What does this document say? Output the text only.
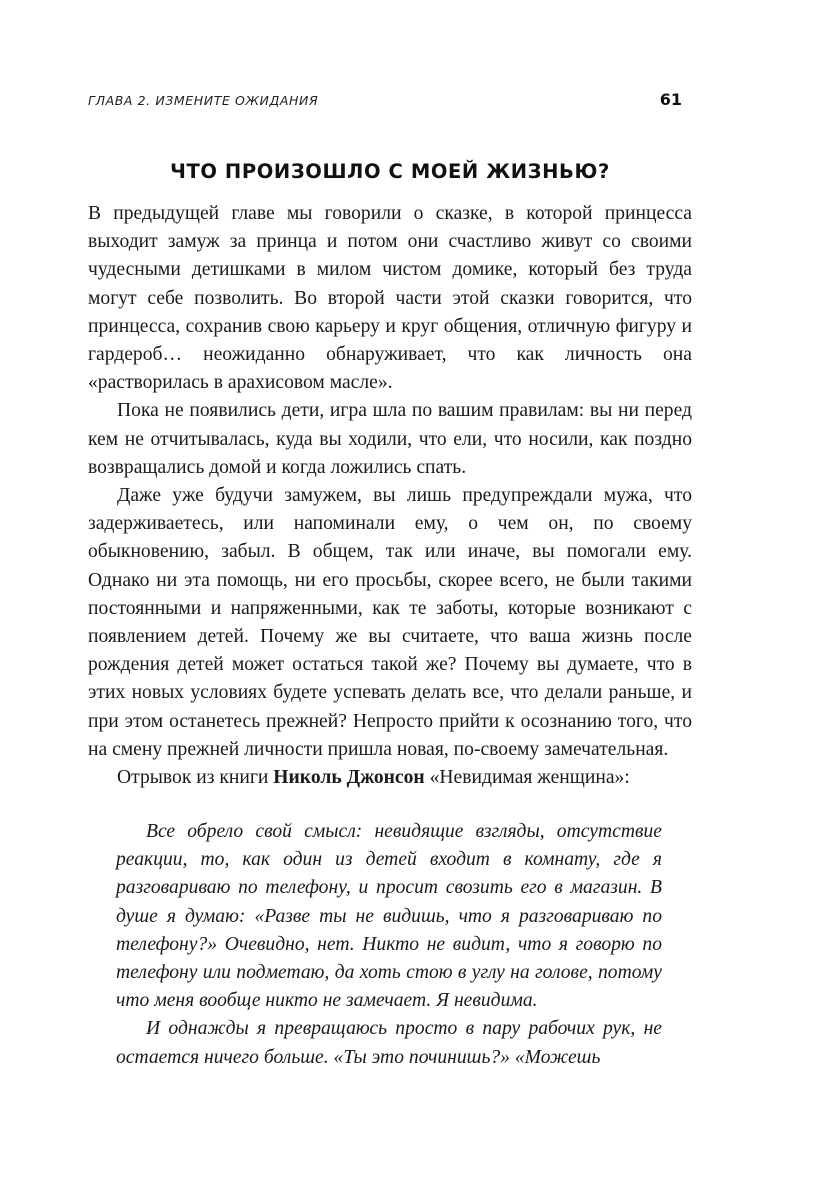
ГЛАВА 2. ИЗМЕНИТЕ ОЖИДАНИЯ	61
ЧТО ПРОИЗОШЛО С МОЕЙ ЖИЗНЬЮ?

В предыдущей главе мы говорили о сказке, в которой принцесса выходит замуж за принца и потом они счастливо живут со своими чудесными детишками в милом чистом домике, который без труда могут себе позволить. Во второй части этой сказки говорится, что принцесса, сохранив свою карьеру и круг общения, отличную фигуру и гардероб… неожиданно обнаруживает, что как личность она «растворилась в арахисовом масле».

Пока не появились дети, игра шла по вашим правилам: вы ни перед кем не отчитывалась, куда вы ходили, что ели, что носили, как поздно возвращались домой и когда ложились спать.

Даже уже будучи замужем, вы лишь предупреждали мужа, что задерживаетесь, или напоминали ему, о чем он, по своему обыкновению, забыл. В общем, так или иначе, вы помогали ему. Однако ни эта помощь, ни его просьбы, скорее всего, не были такими постоянными и напряженными, как те заботы, которые возникают с появлением детей. Почему же вы считаете, что ваша жизнь после рождения детей может остаться такой же? Почему вы думаете, что в этих новых условиях будете успевать делать все, что делали раньше, и при этом останетесь прежней? Непросто прийти к осознанию того, что на смену прежней личности пришла новая, по-своему замечательная.

Отрывок из книги Николь Джонсон «Невидимая женщина»:

Все обрело свой смысл: невидящие взгляды, отсутствие реакции, то, как один из детей входит в комнату, где я разговариваю по телефону, и просит свозить его в магазин. В душе я думаю: «Разве ты не видишь, что я разговариваю по телефону?» Очевидно, нет. Никто не видит, что я говорю по телефону или подметаю, да хоть стою в углу на голове, потому что меня вообще никто не замечает. Я невидима.

И однажды я превращаюсь просто в пару рабочих рук, не остается ничего больше. «Ты это починишь?» «Можешь
